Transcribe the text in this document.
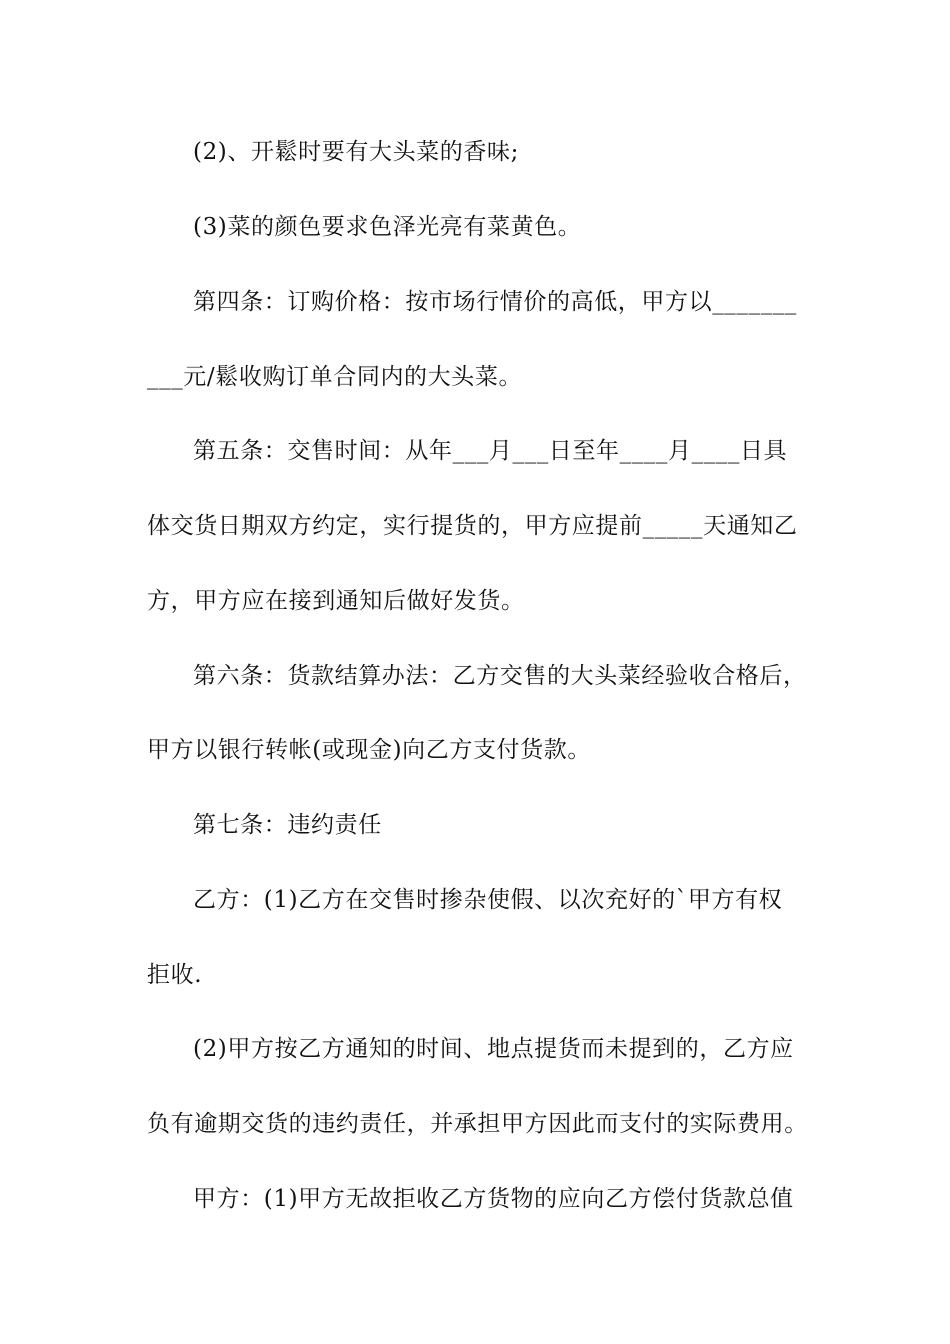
(2)、开鬆时要有大头菜的香味;
(3)菜的颜色要求色泽光亮有菜黄色。
第四条：订购价格：按市场行情价的高低，甲方以_______
___元/鬆收购订单合同内的大头菜。
第五条：交售时间：从年___月___日至年____月____日具
体交货日期双方约定，实行提货的，甲方应提前_____天通知乙
方，甲方应在接到通知后做好发货。
第六条：货款结算办法：乙方交售的大头菜经验收合格后，
甲方以银行转帐(或现金)向乙方支付货款。
第七条：违约责任
乙方：(1)乙方在交售时掺杂使假、以次充好的`甲方有权
拒收.
(2)甲方按乙方通知的时间、地点提货而未提到的，乙方应
负有逾期交货的违约责任，并承担甲方因此而支付的实际费用。
甲方：(1)甲方无故拒收乙方货物的应向乙方偿付货款总值
